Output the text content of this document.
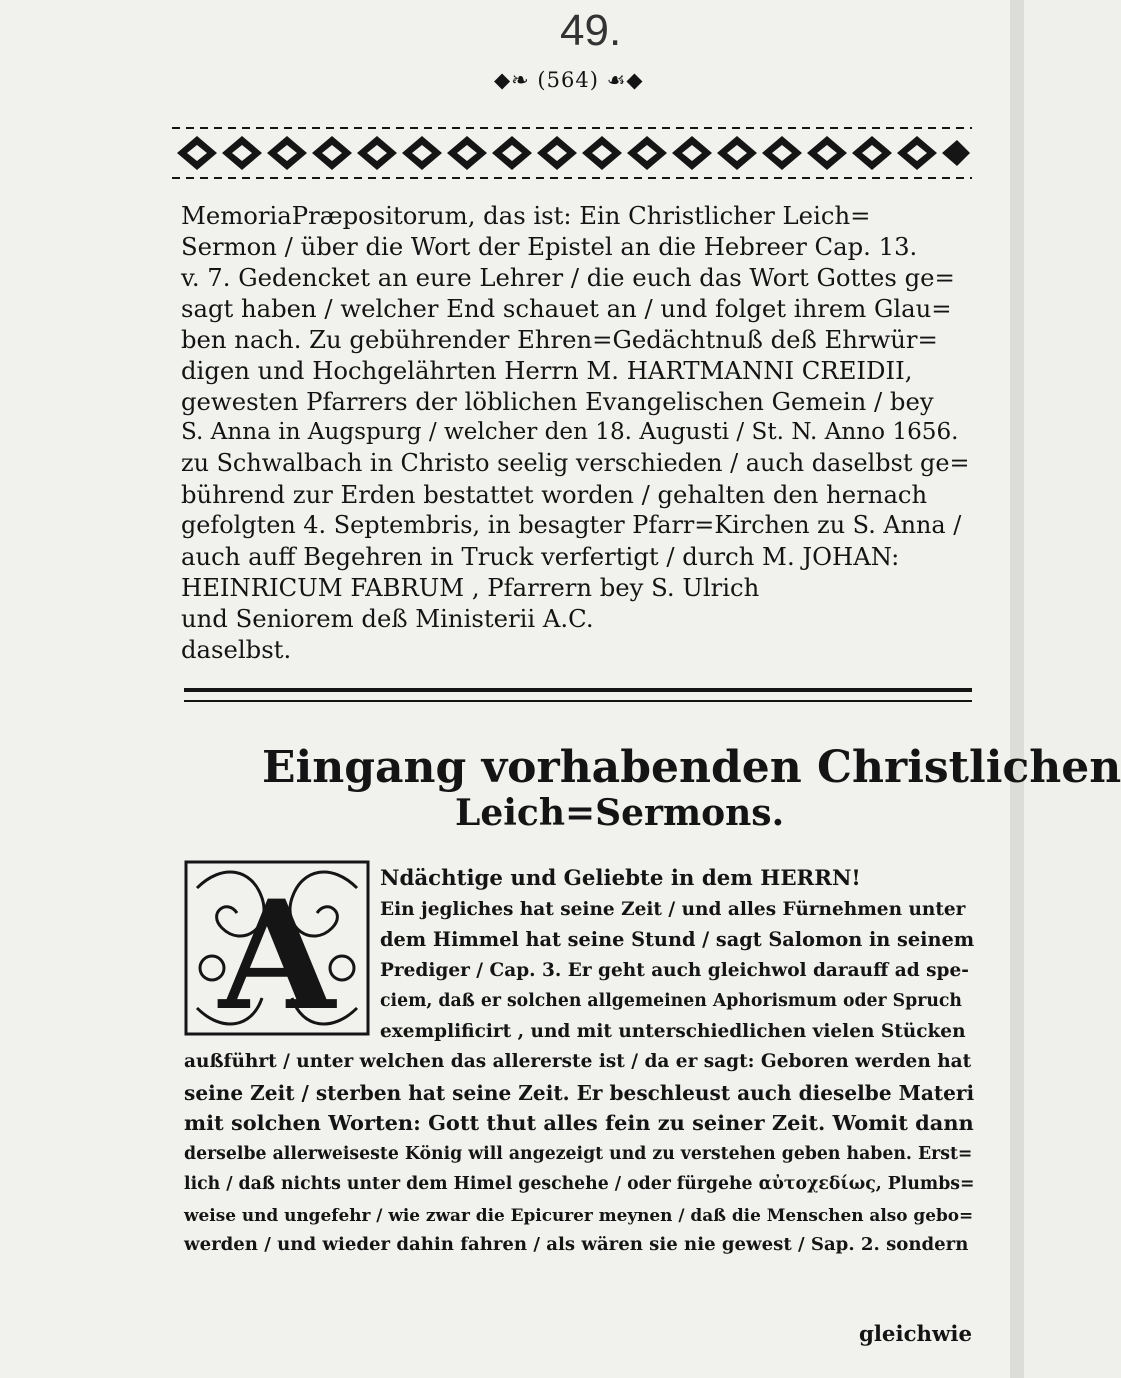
49.
◆❧ (564) ☙◆
MemoriaPræpositorum, das ist: Ein Christlicher Leich=
Sermon / über die Wort der Epistel an die Hebreer Cap. 13.
v. 7. Gedencket an eure Lehrer / die euch das Wort Gottes ge=
sagt haben / welcher End schauet an / und folget ihrem Glau=
ben nach. Zu gebührender Ehren=Gedächtnuß deß Ehrwür=
digen und Hochgelährten Herrn M. HARTMANNI CREIDII,
gewesten Pfarrers der löblichen Evangelischen Gemein / bey
S. Anna in Augspurg / welcher den 18. Augusti / St. N. Anno 1656.
zu Schwalbach in Christo seelig verschieden / auch daselbst ge=
bührend zur Erden bestattet worden / gehalten den hernach
gefolgten 4. Septembris, in besagter Pfarr=Kirchen zu S. Anna /
auch auff Begehren in Truck verfertigt / durch M. JOHAN:
HEINRICUM FABRUM , Pfarrern bey S. Ulrich
und Seniorem deß Ministerii A.C.
daselbst.
Eingang vorhabenden Christlichen
Leich=Sermons.
A Ndächtige und Geliebte in dem HERRN!
Ein jegliches hat seine Zeit / und alles Fürnehmen unter
dem Himmel hat seine Stund / sagt Salomon in seinem
Prediger / Cap. 3. Er geht auch gleichwol darauff ad spe-
ciem, daß er solchen allgemeinen Aphorismum oder Spruch
exemplificirt , und mit unterschiedlichen vielen Stücken
außführt / unter welchen das allererste ist / da er sagt: Geboren werden hat
seine Zeit / sterben hat seine Zeit. Er beschleust auch dieselbe Materi
mit solchen Worten: Gott thut alles fein zu seiner Zeit. Womit dann
derselbe allerweiseste König will angezeigt und zu verstehen geben haben. Erst=
lich / daß nichts unter dem Himel geschehe / oder fürgehe αὐτοχεδίως, Plumbs=
weise und ungefehr / wie zwar die Epicurer meynen / daß die Menschen also gebo=
werden / und wieder dahin fahren / als wären sie nie gewest / Sap. 2. sondern
gleichwie
